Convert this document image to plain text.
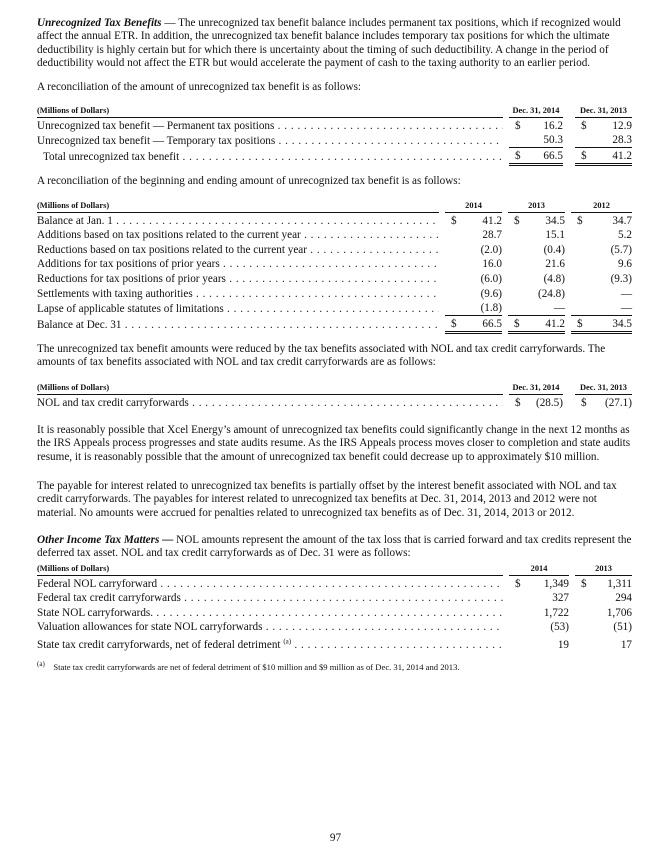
Unrecognized Tax Benefits — The unrecognized tax benefit balance includes permanent tax positions, which if recognized would affect the annual ETR. In addition, the unrecognized tax benefit balance includes temporary tax positions for which the ultimate deductibility is highly certain but for which there is uncertainty about the timing of such deductibility. A change in the period of deductibility would not affect the ETR but would accelerate the payment of cash to the taxing authority to an earlier period.

A reconciliation of the amount of unrecognized tax benefit is as follows:

(Millions of Dollars)		Dec. 31, 2014		Dec. 31, 2013
Unrecognized tax benefit — Permanent tax positions . . .		$ 16.2		$ 12.9
Unrecognized tax benefit — Temporary tax positions . . .		50.3		28.3
Total unrecognized tax benefit . . .		$ 66.5		$ 41.2

A reconciliation of the beginning and ending amount of unrecognized tax benefit is as follows:

(Millions of Dollars)		2014		2013		2012
Balance at Jan. 1 . . .		$ 41.2		$ 34.5		$ 34.7
Additions based on tax positions related to the current year . . .		28.7		15.1		5.2
Reductions based on tax positions related to the current year . . .		(2.0)		(0.4)		(5.7)
Additions for tax positions of prior years . . .		16.0		21.6		9.6
Reductions for tax positions of prior years . . .		(6.0)		(4.8)		(9.3)
Settlements with taxing authorities . . .		(9.6)		(24.8)		—
Lapse of applicable statutes of limitations . . .		(1.8)		—		—
Balance at Dec. 31 . . .		$ 66.5		$ 41.2		$ 34.5

The unrecognized tax benefit amounts were reduced by the tax benefits associated with NOL and tax credit carryforwards. The amounts of tax benefits associated with NOL and tax credit carryforwards are as follows:

(Millions of Dollars)		Dec. 31, 2014		Dec. 31, 2013
NOL and tax credit carryforwards . . .		$ (28.5)		$ (27.1)

It is reasonably possible that Xcel Energy’s amount of unrecognized tax benefits could significantly change in the next 12 months as the IRS Appeals process progresses and state audits resume. As the IRS Appeals process moves closer to completion and state audits resume, it is reasonably possible that the amount of unrecognized tax benefit could decrease up to approximately $10 million.

The payable for interest related to unrecognized tax benefits is partially offset by the interest benefit associated with NOL and tax credit carryforwards. The payables for interest related to unrecognized tax benefits at Dec. 31, 2014, 2013 and 2012 were not material. No amounts were accrued for penalties related to unrecognized tax benefits as of Dec. 31, 2014, 2013 or 2012.

Other Income Tax Matters — NOL amounts represent the amount of the tax loss that is carried forward and tax credits represent the deferred tax asset. NOL and tax credit carryforwards as of Dec. 31 were as follows:

(Millions of Dollars)		2014		2013
Federal NOL carryforward . . .		$ 1,349		$ 1,311
Federal tax credit carryforwards . . .		327		294
State NOL carryforwards. . . .		1,722		1,706
Valuation allowances for state NOL carryforwards . . .		(53)		(51)
State tax credit carryforwards, net of federal detriment $^{(a)}$ . . .		19		17
$^{(a)}$ State tax credit carryforwards are net of federal detriment of $10 million and $9 million as of Dec. 31, 2014 and 2013.
97
